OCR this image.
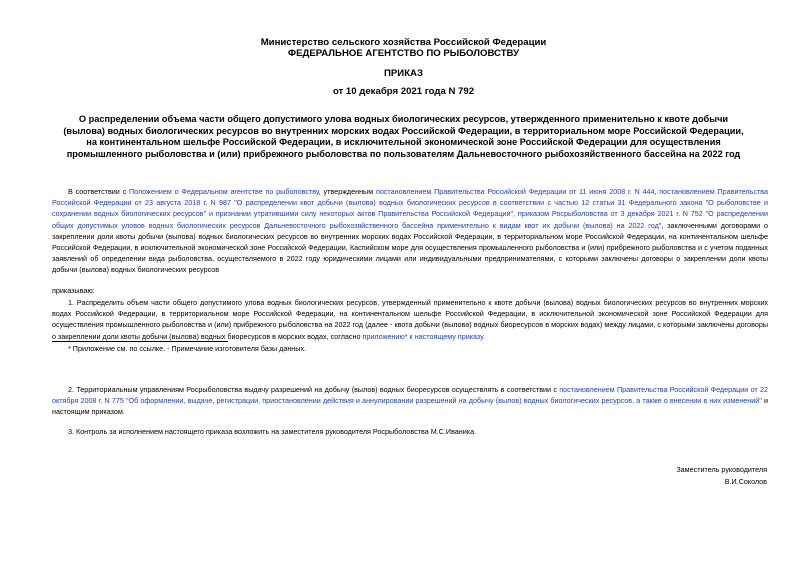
Министерство сельского хозяйства Российской Федерации
ФЕДЕРАЛЬНОЕ АГЕНТСТВО ПО РЫБОЛОВСТВУ
ПРИКАЗ
от 10 декабря 2021 года N 792
О распределении объема части общего допустимого улова водных биологических ресурсов, утвержденного применительно к квоте добычи (вылова) водных биологических ресурсов во внутренних морских водах Российской Федерации, в территориальном море Российской Федерации, на континентальном шельфе Российской Федерации, в исключительной экономической зоне Российской Федерации для осуществления промышленного рыболовства и (или) прибрежного рыболовства по пользователям Дальневосточного рыбохозяйственного бассейна на 2022 год
В соответствии с Положением о Федеральном агентстве по рыболовству, утвержденным постановлением Правительства Российской Федерации от 11 июня 2008 г. N 444, постановлением Правительства Российской Федерации от 23 августа 2018 г. N 987 "О распределении квот добычи (вылова) водных биологических ресурсов в соответствии с частью 12 статьи 31 Федерального закона "О рыболовстве и сохранении водных биологических ресурсов" и признании утратившими силу некоторых актов Правительства Российской Федерации", приказом Росрыболовства от 3 декабря 2021 г. N 752 "О распределении общих допустимых уловов водных биологических ресурсов Дальневосточного рыбохозяйственного бассейна применительно к видам квот их добычи (вылова) на 2022 год", заключенными договорами о закреплении доли квоты добычи (вылова) водных биологических ресурсов во внутренних морских водах Российской Федерации, в территориальном море Российской Федерации, на континентальном шельфе Российской Федерации, в исключительной экономической зоне Российской Федерации, Каспийском море для осуществления промышленного рыболовства и (или) прибрежного рыболовства и с учетом поданных заявлений об определении вида рыболовства, осуществляемого в 2022 году юридическими лицами или индивидуальными предпринимателями, с которыми заключены договоры о закреплении доли квоты добычи (вылова) водных биологических ресурсов
приказываю:
1. Распределить объем части общего допустимого улова водных биологических ресурсов, утвержденный применительно к квоте добычи (вылова) водных биологических ресурсов во внутренних морских водах Российской Федерации, в территориальном море Российской Федерации, на континентальном шельфе Российской Федерации, в исключительной экономической зоне Российской Федерации для осуществления промышленного рыболовства и (или) прибрежного рыболовства на 2022 год (далее - квота добычи (вылова) водных биоресурсов в морских водах) между лицами, с которыми заключены договоры о закреплении доли квоты добычи (вылова) водных биоресурсов в морских водах, согласно приложению* к настоящему приказу.
* Приложение см. по ссылке. - Примечание изготовителя базы данных.
2. Территориальным управлениям Росрыболовства выдачу разрешений на добычу (вылов) водных биоресурсов осуществлять в соответствии с постановлением Правительства Российской Федерации от 22 октября 2008 г. N 775 "Об оформлении, выдаче, регистрации, приостановлении действия и аннулировании разрешений на добычу (вылов) водных биологических ресурсов, а также о внесении в них изменений" и настоящим приказом.
3. Контроль за исполнением настоящего приказа возложить на заместителя руководителя Росрыболовства М.С.Иваника.
Заместитель руководителя
В.И.Соколов
